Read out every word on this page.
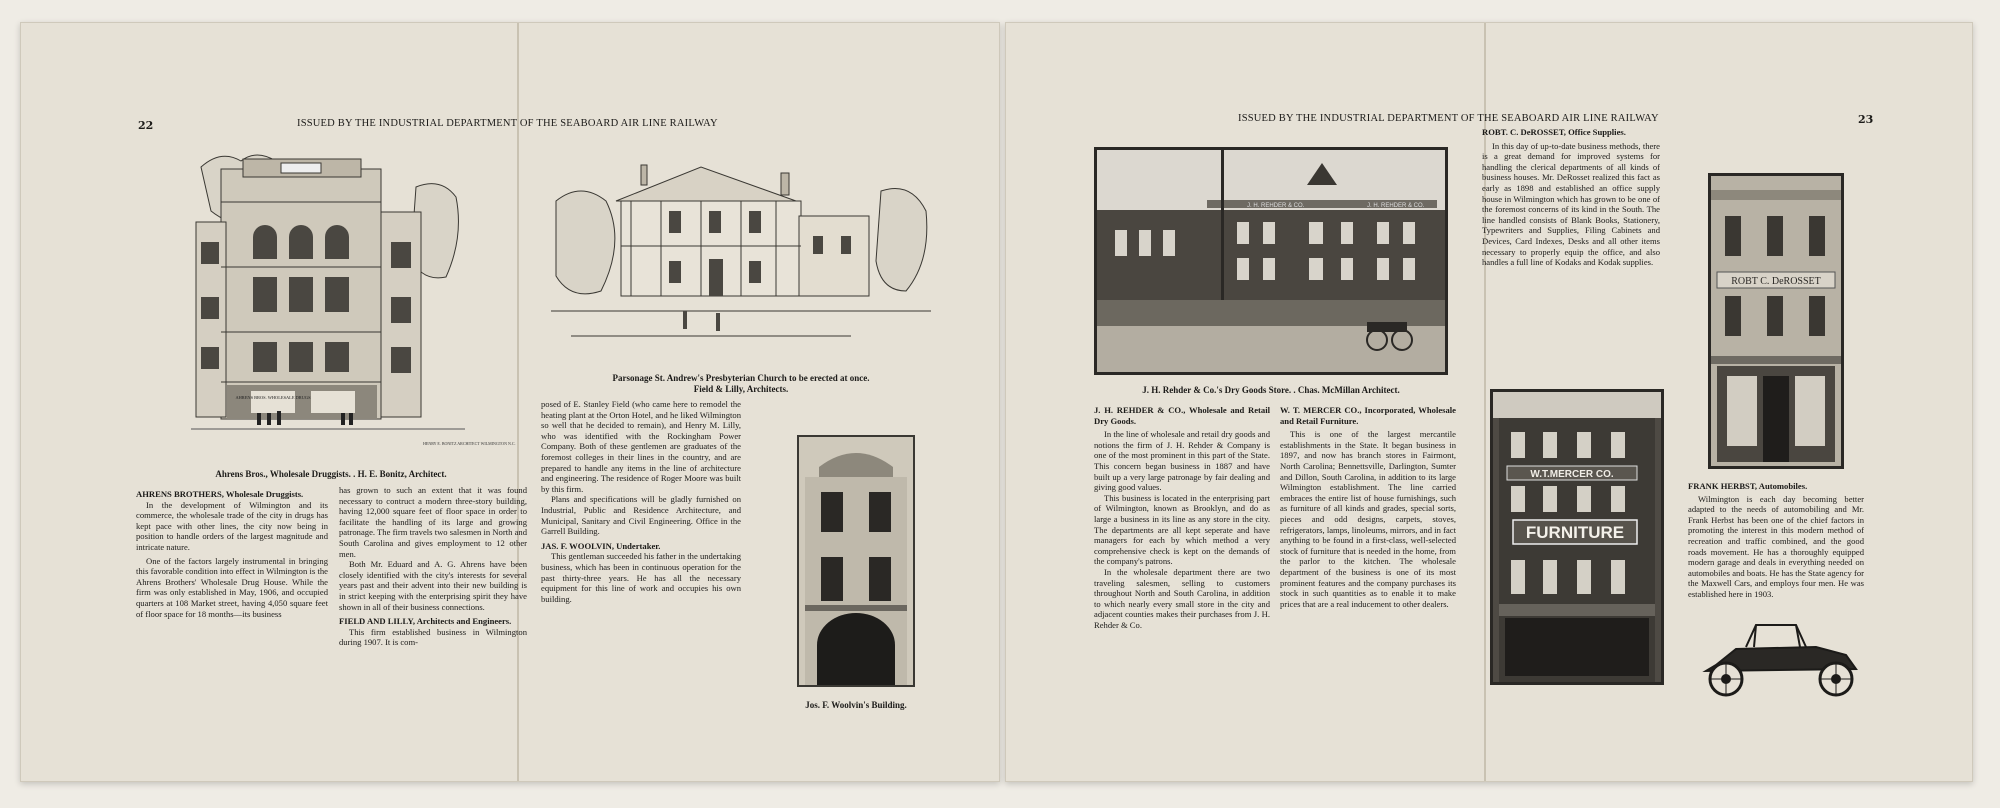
22	ISSUED BY THE INDUSTRIAL DEPARTMENT OF THE SEABOARD AIR LINE RAILWAY
AHRENS BROS. WHOLESALE DRUGS
HENRY E. BONITZ ARCHITECT WILMINGTON N.C.
Ahrens Bros., Wholesale Druggists. . H. E. Bonitz, Architect.
Parsonage St. Andrew's Presbyterian Church to be erected at once.
Field & Lilly, Architects.
Jos. F. Woolvin's Building.

AHRENS BROTHERS, Wholesale Druggists.

In the development of Wilmington and its commerce, the wholesale trade of the city in drugs has kept pace with other lines, the city now being in position to handle orders of the largest magnitude and intricate nature.

One of the factors largely instrumental in bringing this favorable condition into effect in Wilmington is the Ahrens Brothers' Wholesale Drug House. While the firm was only established in May, 1906, and occupied quarters at 108 Market street, having 4,050 square feet of floor space for 18 months—its business

has grown to such an extent that it was found necessary to contruct a modern three-story building, having 12,000 square feet of floor space in order to facilitate the handling of its large and growing patronage. The firm travels two salesmen in North and South Carolina and gives employment to 12 other men.

Both Mr. Eduard and A. G. Ahrens have been closely identified with the city's interests for several years past and their advent into their new building is in strict keeping with the enterprising spirit they have shown in all of their business connections.

FIELD AND LILLY, Architects and Engineers.

This firm established business in Wilmington during 1907. It is com-

posed of E. Stanley Field (who came here to remodel the heating plant at the Orton Hotel, and he liked Wilmington so well that he decided to remain), and Henry M. Lilly, who was identified with the Rockingham Power Company. Both of these gentlemen are graduates of the foremost colleges in their lines in the country, and are prepared to handle any items in the line of architecture and engineering. The residence of Roger Moore was built by this firm.

Plans and specifications will be gladly furnished on Industrial, Public and Residence Architecture, and Municipal, Sanitary and Civil Engineering. Office in the Garrell Building.

JAS. F. WOOLVIN, Undertaker.

This gentleman succeeded his father in the undertaking business, which has been in continuous operation for the past thirty-three years. He has all the necessary equipment for this line of work and occupies his own building.

ISSUED BY THE INDUSTRIAL DEPARTMENT OF THE SEABOARD AIR LINE RAILWAY	23
J. H. REHDER & CO.	J. H. REHDER & CO.
J. H. Rehder & Co.'s Dry Goods Store. . Chas. McMillan Architect.

J. H. REHDER & CO., Wholesale and Retail Dry Goods.

In the line of wholesale and retail dry goods and notions the firm of J. H. Rehder & Company is one of the most prominent in this part of the State. This concern began business in 1887 and have built up a very large patronage by fair dealing and giving good values.

This business is located in the enterprising part of Wilmington, known as Brooklyn, and do as large a business in its line as any store in the city. The departments are all kept seperate and have managers for each by which method a very comprehensive check is kept on the demands of the company's patrons.

In the wholesale department there are two traveling salesmen, selling to customers throughout North and South Carolina, in addition to which nearly every small store in the city and adjacent counties makes their purchases from J. H. Rehder & Co.

W. T. MERCER CO., Incorporated, Wholesale and Retail Furniture.

This is one of the largest mercantile establishments in the State. It began business in 1897, and now has branch stores in Fairmont, North Carolina; Bennettsville, Darlington, Sumter and Dillon, South Carolina, in addition to its large Wilmington establishment. The line carried embraces the entire list of house furnishings, such as furniture of all kinds and grades, special sorts, pieces and odd designs, carpets, stoves, refrigerators, lamps, linoleums, mirrors, and in fact anything to be found in a first-class, well-selected stock of furniture that is needed in the home, from the parlor to the kitchen. The wholesale department of the business is one of its most prominent features and the company purchases its stock in such quantities as to enable it to make prices that are a real inducement to other dealers.

ROBT. C. DeROSSET, Office Supplies.

In this day of up-to-date business methods, there is a great demand for improved systems for handling the clerical departments of all kinds of business houses. Mr. DeRosset realized this fact as early as 1898 and established an office supply house in Wilmington which has grown to be one of the foremost concerns of its kind in the South. The line handled consists of Blank Books, Stationery, Typewriters and Supplies, Filing Cabinets and Devices, Card Indexes, Desks and all other items necessary to properly equip the office, and also handles a full line of Kodaks and Kodak supplies.

W.T.MERCER CO.
FURNITURE
ROBT C. DeROSSET

FRANK HERBST, Automobiles.

Wilmington is each day becoming better adapted to the needs of automobiling and Mr. Frank Herbst has been one of the chief factors in promoting the interest in this modern method of recreation and traffic combined, and the good roads movement. He has a thoroughly equipped modern garage and deals in everything needed on automobiles and boats. He has the State agency for the Maxwell Cars, and employs four men. He was established here in 1903.
